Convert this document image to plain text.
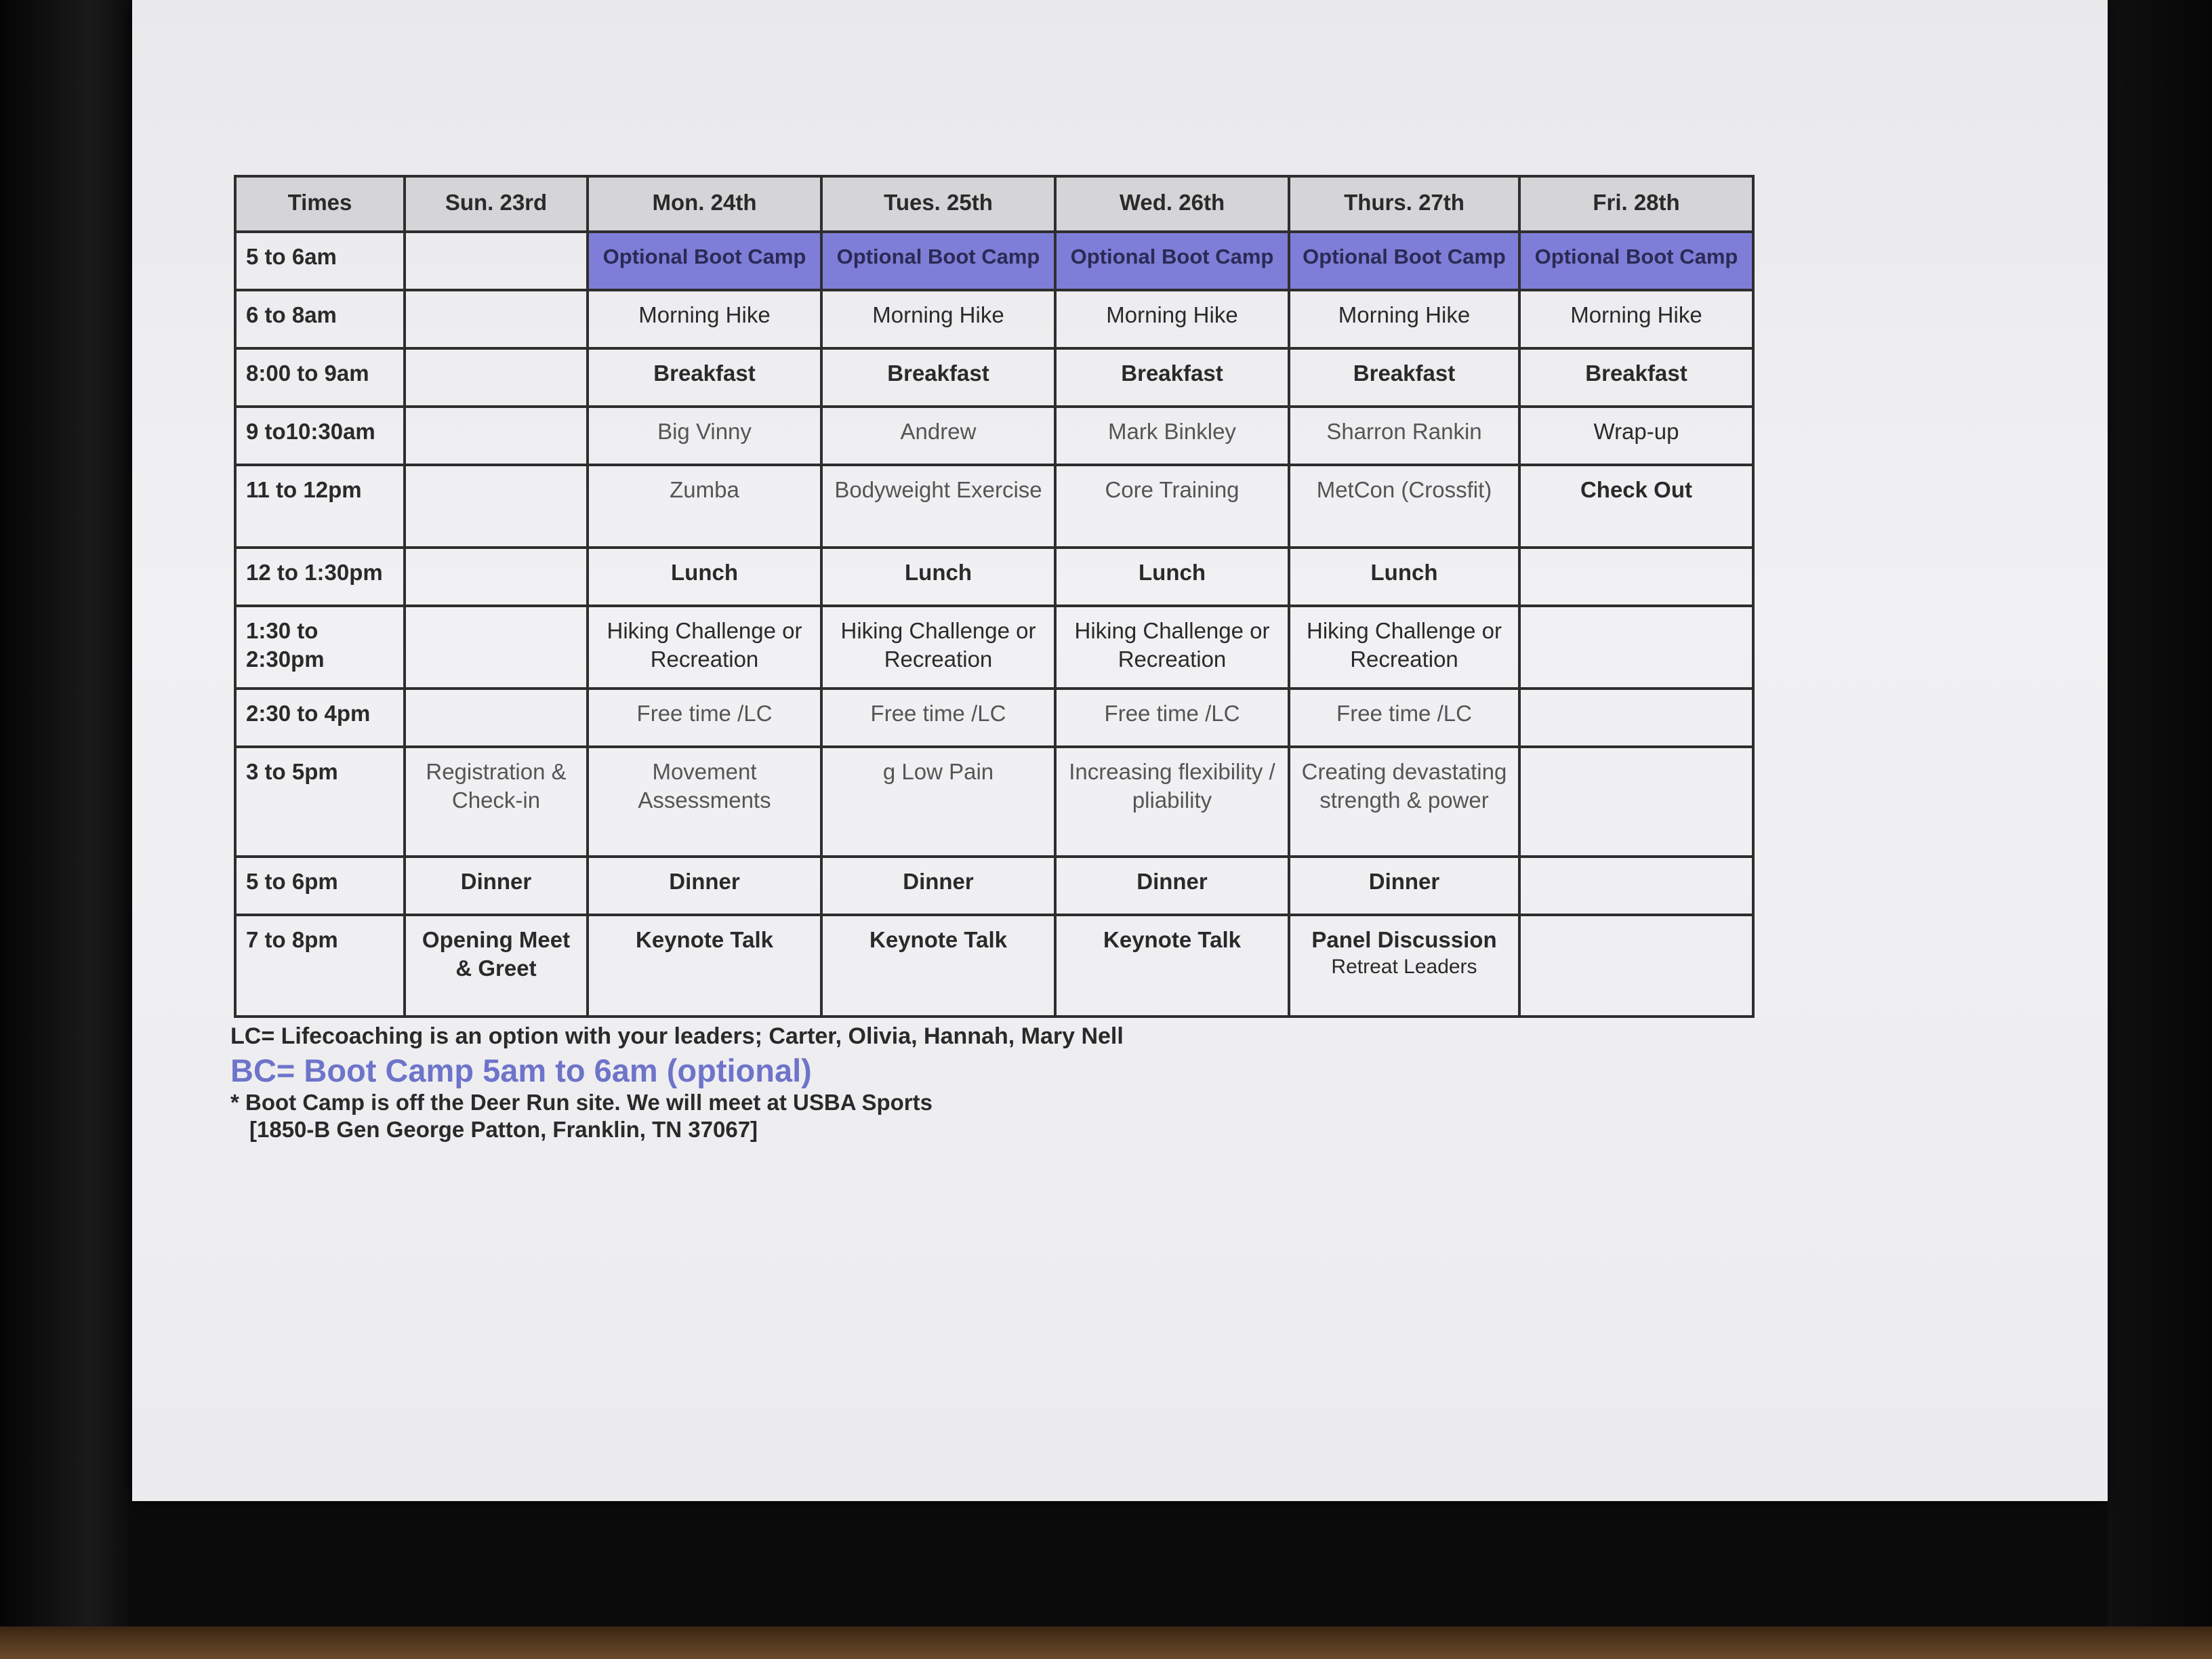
Times	Sun. 23rd	Mon. 24th	Tues. 25th	Wed. 26th	Thurs. 27th	Fri. 28th
5 to 6am		Optional Boot Camp	Optional Boot Camp	Optional Boot Camp	Optional Boot Camp	Optional Boot Camp
6 to 8am		Morning Hike	Morning Hike	Morning Hike	Morning Hike	Morning Hike
8:00 to 9am		Breakfast	Breakfast	Breakfast	Breakfast	Breakfast
9 to10:30am		Big Vinny	Andrew	Mark Binkley	Sharron Rankin	Wrap-up
11 to 12pm		Zumba	Bodyweight Exercise	Core Training	MetCon (Crossfit)	Check Out
12 to 1:30pm		Lunch	Lunch	Lunch	Lunch	
1:30 to 2:30pm		Hiking Challenge or Recreation	Hiking Challenge or Recreation	Hiking Challenge or Recreation	Hiking Challenge or Recreation	
2:30 to 4pm		Free time /LC	Free time /LC	Free time /LC	Free time /LC	
3 to 5pm	Registration & Check-in	Movement Assessments	g Low Pain	Increasing flexibility / pliability	Creating devastating strength & power	
5 to 6pm	Dinner	Dinner	Dinner	Dinner	Dinner	
7 to 8pm	Opening Meet & Greet	Keynote Talk	Keynote Talk	Keynote Talk	Panel Discussion
Retreat Leaders	

LC= Lifecoaching is an option with your leaders; Carter, Olivia, Hannah, Mary Nell
BC= Boot Camp 5am to 6am (optional)
* Boot Camp is off the Deer Run site. We will meet at USBA Sports
[1850-B Gen George Patton, Franklin, TN 37067]
